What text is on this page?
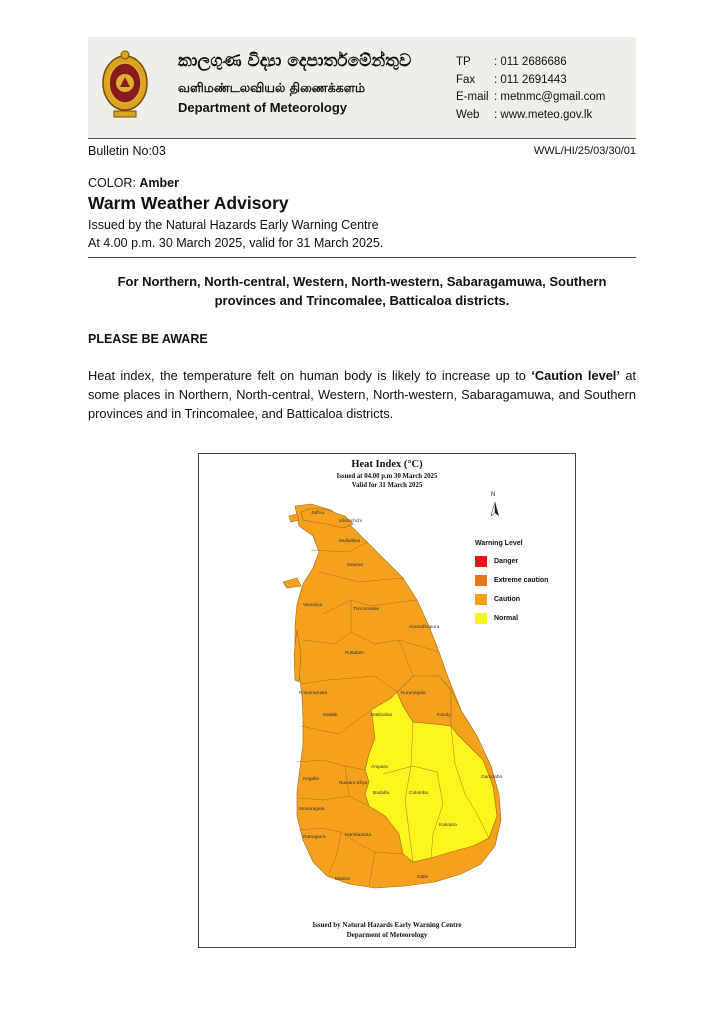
කාලගුණ විද්‍යා දෙපාර්තමේන්තුව
வளிமண்டலவியல் திணைக்களம்
Department of Meteorology
TP	: 011 2686686
Fax	: 011 2691443
E-mail : metnmc@gmail.com
Web	: www.meteo.gov.lk
Bulletin No:03	WWL/HI/25/03/30/01
COLOR: Amber
Warm Weather Advisory
Issued by the Natural Hazards Early Warning Centre
At 4.00 p.m. 30 March 2025, valid for 31 March 2025.
For Northern, North-central, Western, North-western, Sabaragamuwa, Southern provinces and Trincomalee, Batticaloa districts.
PLEASE BE AWARE
Heat index, the temperature felt on human body is likely to increase up to ‘Caution level’ at some places in Northern, North-central, Western, North-western, Sabaragamuwa, and Southern provinces and in Trincomalee, and Batticaloa districts.
Heat Index (°C)
Issued at 04.00 p.m 30 March 2025
Valid for 31 March 2025
Jaffna
Kilinochchi
Mullaittivu
Mannar
Vavuniya
Trincomalee
Anuradhapura
Puttalam
Polonnaruwa	Kurunegala
Matale	Batticaloa	Kandy
Ampara
Gampaha
Kegalle
Nuwara Eliya
Badulla	Colombo
Monaragala
Kalutara
Ratnapura	Hambantota
Galle
Matara
N
Warning Level
Danger
Extreme caution
Caution
Normal
Issued by Natural Hazards Early Warning Centre
Deparment of Meteorology
